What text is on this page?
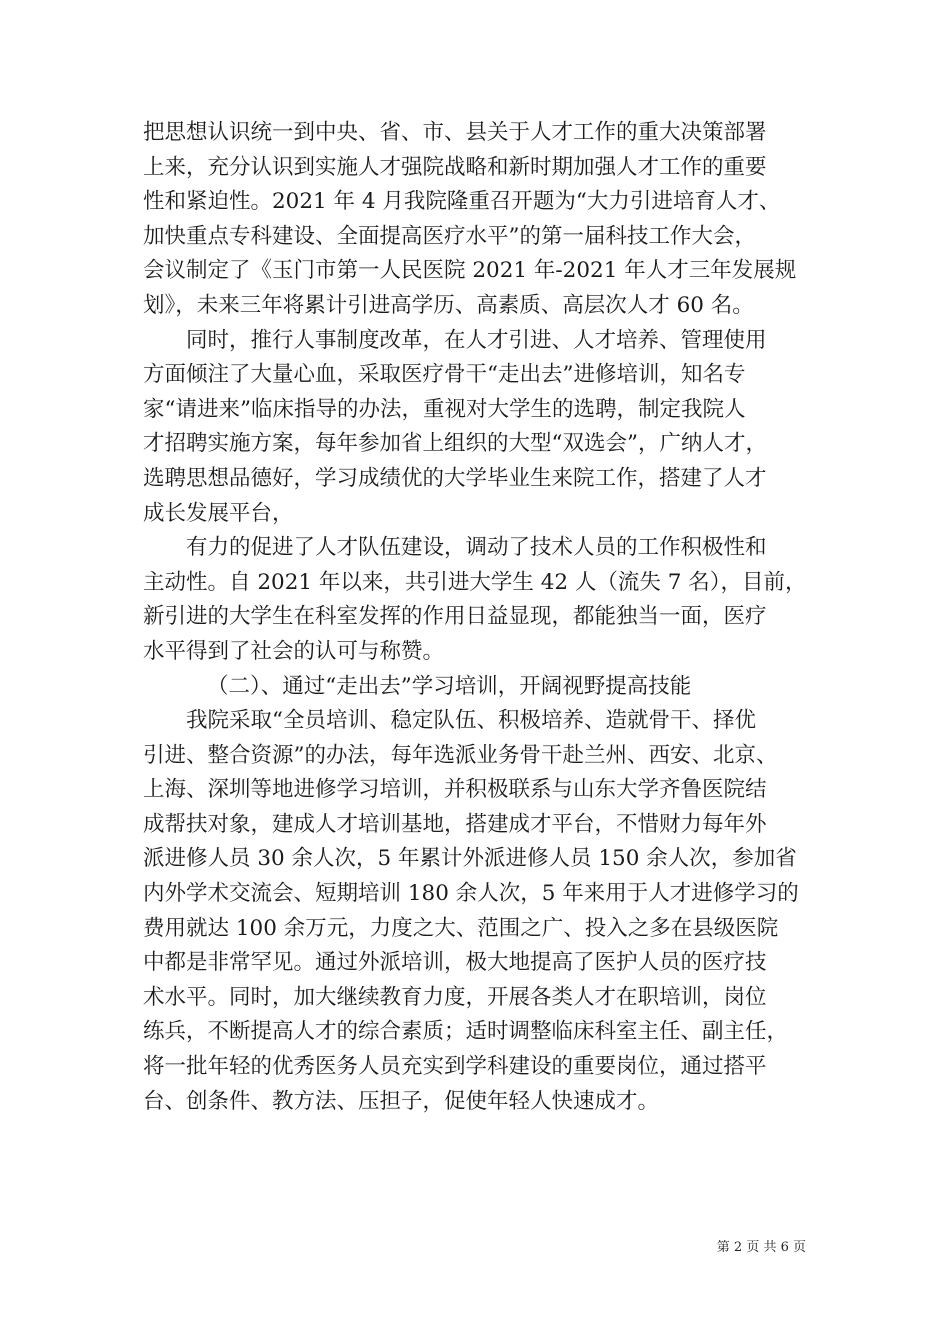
把思想认识统一到中央、省、市、县关于人才工作的重大决策部署
上来，充分认识到实施人才强院战略和新时期加强人才工作的重要
性和紧迫性。2021 年 4 月我院隆重召开题为“大力引进培育人才、
加快重点专科建设、全面提高医疗水平”的第一届科技工作大会，
会议制定了《玉门市第一人民医院 2021 年-2021 年人才三年发展规
划》，未来三年将累计引进高学历、高素质、高层次人才 60 名。
同时，推行人事制度改革，在人才引进、人才培养、管理使用
方面倾注了大量心血，采取医疗骨干“走出去”进修培训，知名专
家“请进来”临床指导的办法，重视对大学生的选聘，制定我院人
才招聘实施方案，每年参加省上组织的大型“双选会”，广纳人才，
选聘思想品德好，学习成绩优的大学毕业生来院工作，搭建了人才
成长发展平台，
有力的促进了人才队伍建设，调动了技术人员的工作积极性和
主动性。自 2021 年以来，共引进大学生 42 人（流失 7 名），目前，
新引进的大学生在科室发挥的作用日益显现，都能独当一面，医疗
水平得到了社会的认可与称赞。
（二）、通过“走出去”学习培训，开阔视野提高技能
我院采取“全员培训、稳定队伍、积极培养、造就骨干、择优
引进、整合资源”的办法，每年选派业务骨干赴兰州、西安、北京、
上海、深圳等地进修学习培训，并积极联系与山东大学齐鲁医院结
成帮扶对象，建成人才培训基地，搭建成才平台，不惜财力每年外
派进修人员 30 余人次，5 年累计外派进修人员 150 余人次，参加省
内外学术交流会、短期培训 180 余人次，5 年来用于人才进修学习的
费用就达 100 余万元，力度之大、范围之广、投入之多在县级医院
中都是非常罕见。通过外派培训，极大地提高了医护人员的医疗技
术水平。同时，加大继续教育力度，开展各类人才在职培训，岗位
练兵，不断提高人才的综合素质；适时调整临床科室主任、副主任，
将一批年轻的优秀医务人员充实到学科建设的重要岗位，通过搭平
台、创条件、教方法、压担子，促使年轻人快速成才。
第 2 页 共 6 页
